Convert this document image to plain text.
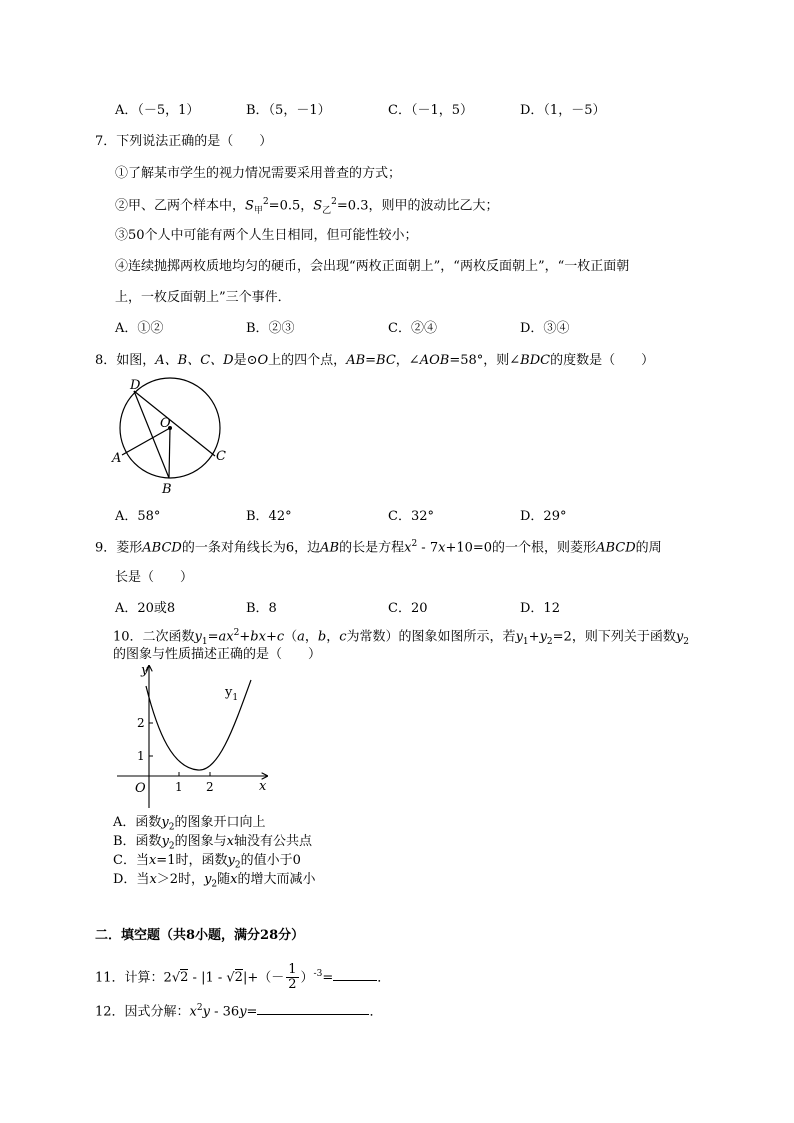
A．（－5，1）	B．（5，－1）	C．（－1，5）	D．（1，－5）
7．下列说法正确的是（　　）
①了解某市学生的视力情况需要采用普查的方式；
②甲、乙两个样本中，$S_甲^2=0.5$，$S_乙^2=0.3$，则甲的波动比乙大；
③50个人中可能有两个人生日相同，但可能性较小；
④连续抛掷两枚质地均匀的硬币，会出现“两枚正面朝上”，“两枚反面朝上”，“一枚正面朝
上，一枚反面朝上”三个事件．
A．①②	B．②③	C．②④	D．③④
8．如图，A、B、C、D是⊙O上的四个点，AB=BC，∠AOB=58°，则∠BDC的度数是（　　）
D
O
A	C
B
A．58°	B．42°	C．32°	D．29°
9．菱形ABCD的一条对角线长为6，边AB的长是方程$x^2 - 7x+10=0$的一个根，则菱形ABCD的周
长是（　　）
A．20或8	B．8	C．20	D．12
10．二次函数$y_1=ax^2+bx+c(a$，b，c为常数）的图象如图所示，若$y_1+y_2=2$，则下列关于函数$y_2$
的图象与性质描述正确的是（　　）
O 1 2
1
2
x
y
$y_1$
A．函数$y_2$的图象开口向上
B．函数$y_2$的图象与x轴没有公共点
C．当x=1时，函数$y_2$的值小于0
D．当x＞2时，$y_2$随x的增大而减小
二．填空题（共8小题，满分28分）
11．计算：$2√2 - |1 - √2|+(- \frac{1}{2} )^{-3}=$	．
12．因式分解：$x^2y - 36y=$	．
